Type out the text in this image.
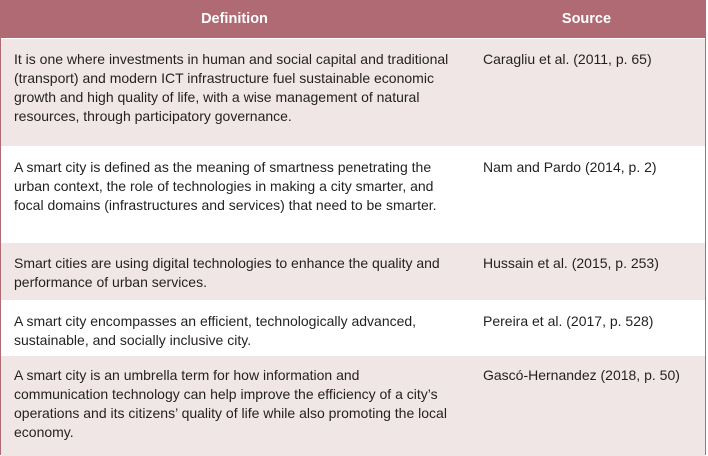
Definition	Source
It is one where investments in human and social capital and traditional (transport) and modern ICT infrastructure fuel sustainable economic growth and high quality of life, with a wise management of natural resources, through participatory governance.	Caragliu et al. (2011, p. 65)
A smart city is defined as the meaning of smartness penetrating the urban context, the role of technologies in making a city smarter, and focal domains (infrastructures and services) that need to be smarter.	Nam and Pardo (2014, p. 2)
Smart cities are using digital technologies to enhance the quality and performance of urban services.	Hussain et al. (2015, p. 253)
A smart city encompasses an efficient, technologically advanced, sustainable, and socially inclusive city.	Pereira et al. (2017, p. 528)
A smart city is an umbrella term for how information and communication technology can help improve the efficiency of a city’s operations and its citizens’ quality of life while also promoting the local economy.	Gascó-Hernandez (2018, p. 50)
